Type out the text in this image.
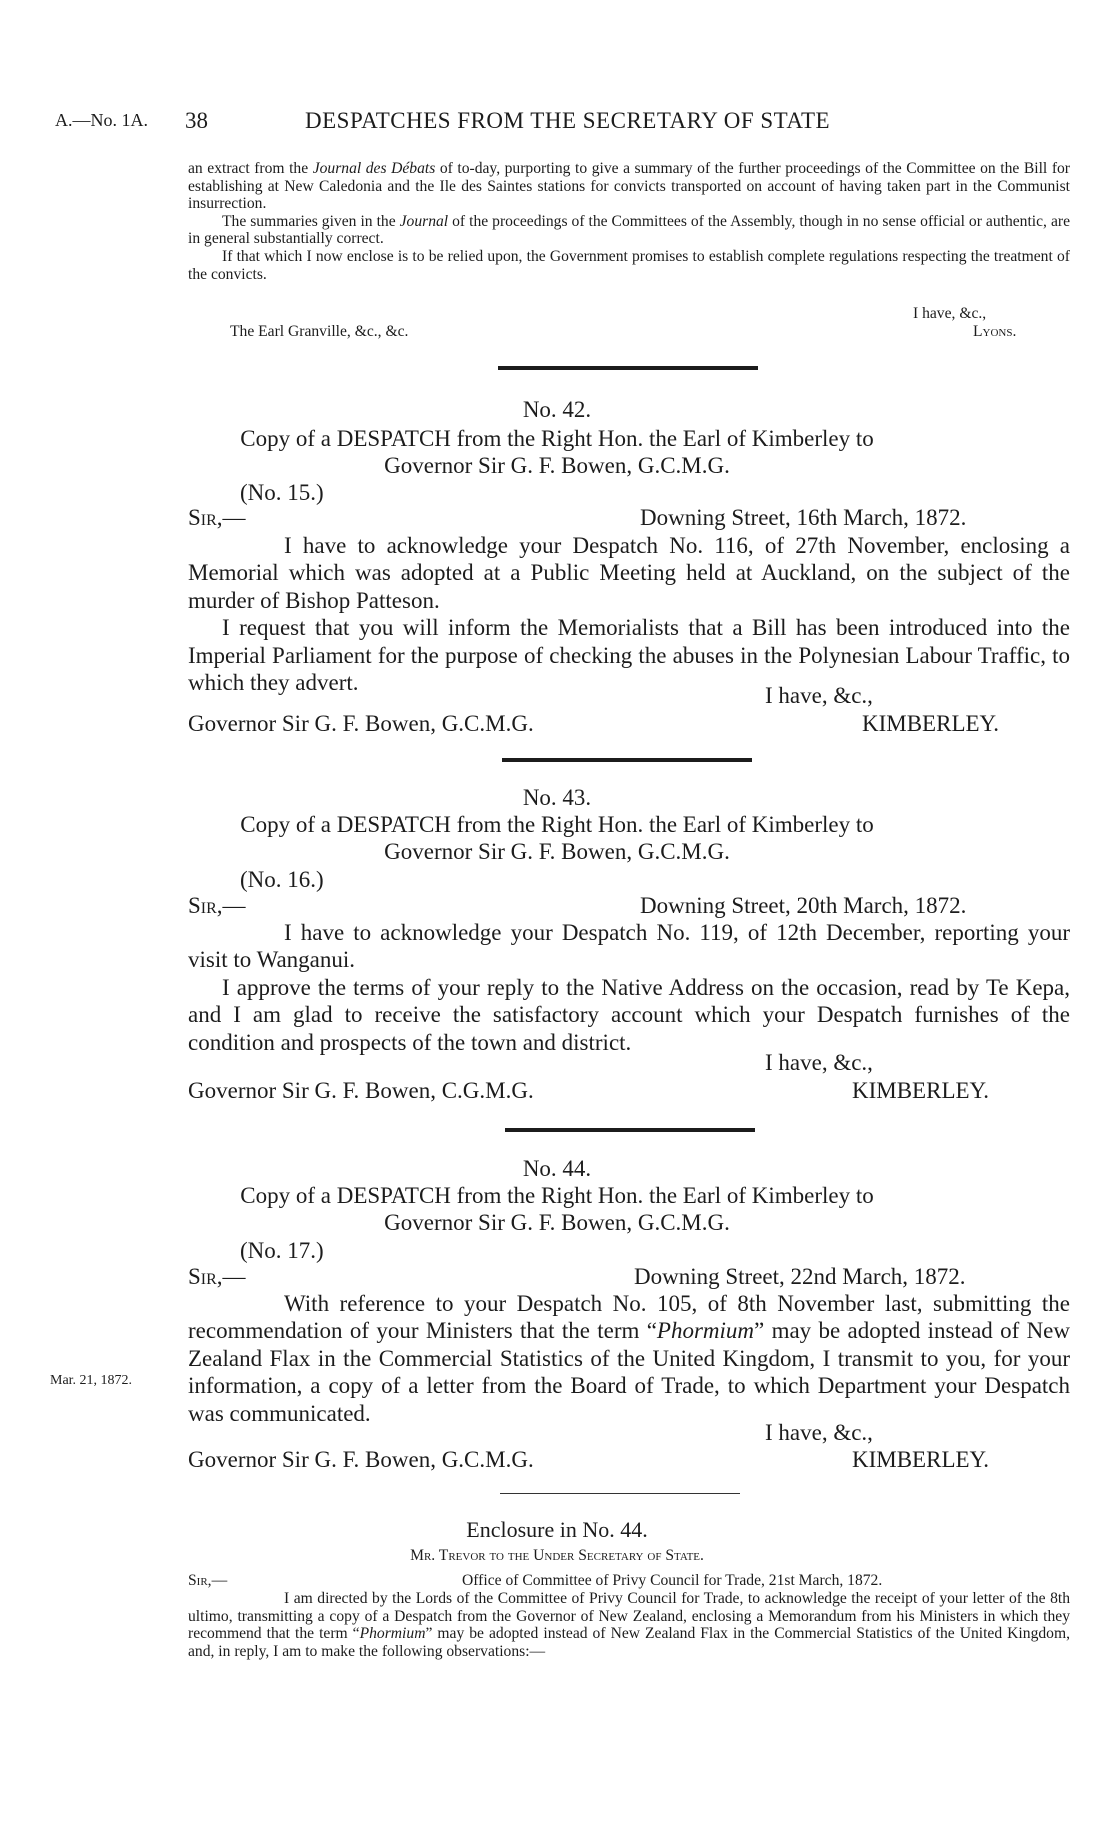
A.—No. 1A. 38	DESPATCHES FROM THE SECRETARY OF STATE

an extract from the Journal des Débats of to-day, purporting to give a summary of the further proceedings of the Committee on the Bill for establishing at New Caledonia and the Ile des Saintes stations for convicts transported on account of having taken part in the Communist insurrection.

The summaries given in the Journal of the proceedings of the Committees of the Assembly, though in no sense official or authentic, are in general substantially correct.

If that which I now enclose is to be relied upon, the Government promises to establish complete regulations respecting the treatment of the convicts.

I have, &c.,
The Earl Granville, &c., &c.	Lyons.
No. 42.
Copy of a DESPATCH from the Right Hon. the Earl of Kimberley to
Governor Sir G. F. Bowen, G.C.M.G.
(No. 15.)
Sir,—	Downing Street, 16th March, 1872.

I have to acknowledge your Despatch No. 116, of 27th November, enclosing a Memorial which was adopted at a Public Meeting held at Auckland, on the subject of the murder of Bishop Patteson.

I request that you will inform the Memorialists that a Bill has been introduced into the Imperial Parliament for the purpose of checking the abuses in the Polynesian Labour Traffic, to which they advert.

I have, &c.,
Governor Sir G. F. Bowen, G.C.M.G.	KIMBERLEY.
No. 43.
Copy of a DESPATCH from the Right Hon. the Earl of Kimberley to
Governor Sir G. F. Bowen, G.C.M.G.
(No. 16.)
Sir,—	Downing Street, 20th March, 1872.

I have to acknowledge your Despatch No. 119, of 12th December, reporting your visit to Wanganui.

I approve the terms of your reply to the Native Address on the occasion, read by Te Kepa, and I am glad to receive the satisfactory account which your Despatch furnishes of the condition and prospects of the town and district.

I have, &c.,
Governor Sir G. F. Bowen, C.G.M.G.	KIMBERLEY.
No. 44.
Copy of a DESPATCH from the Right Hon. the Earl of Kimberley to
Governor Sir G. F. Bowen, G.C.M.G.
(No. 17.)
Sir,—	Downing Street, 22nd March, 1872.

With reference to your Despatch No. 105, of 8th November last, submitting the recommendation of your Ministers that the term “Phormium” may be adopted instead of New Zealand Flax in the Commercial Statistics of the United Kingdom, I transmit to you, for your information, a copy of a letter from the Board of Trade, to which Department your Despatch was communicated.

Mar. 21, 1872.
I have, &c.,
Governor Sir G. F. Bowen, G.C.M.G.	KIMBERLEY.
Enclosure in No. 44.
Mr. Trevor to the Under Secretary of State.
Sir,—	Office of Committee of Privy Council for Trade, 21st March, 1872.

I am directed by the Lords of the Committee of Privy Council for Trade, to acknowledge the receipt of your letter of the 8th ultimo, transmitting a copy of a Despatch from the Governor of New Zealand, enclosing a Memorandum from his Ministers in which they recommend that the term “Phormium” may be adopted instead of New Zealand Flax in the Commercial Statistics of the United Kingdom, and, in reply, I am to make the following observations:—
